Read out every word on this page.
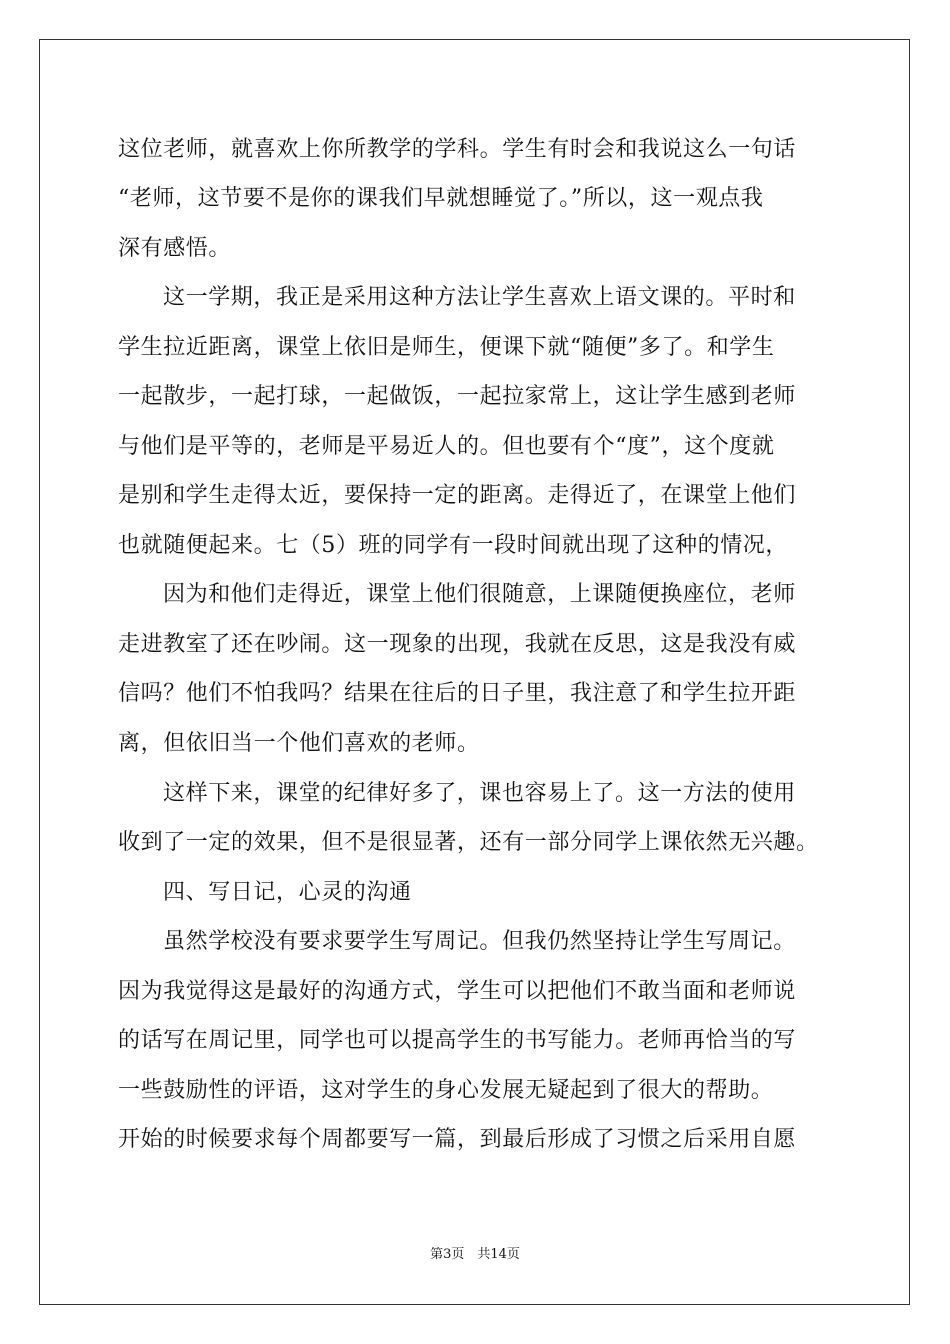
这位老师，就喜欢上你所教学的学科。学生有时会和我说这么一句话
“老师，这节要不是你的课我们早就想睡觉了。”所以，这一观点我
深有感悟。
这一学期，我正是采用这种方法让学生喜欢上语文课的。平时和
学生拉近距离，课堂上依旧是师生，便课下就“随便”多了。和学生
一起散步，一起打球，一起做饭，一起拉家常上，这让学生感到老师
与他们是平等的，老师是平易近人的。但也要有个“度”，这个度就
是别和学生走得太近，要保持一定的距离。走得近了，在课堂上他们
也就随便起来。七（5）班的同学有一段时间就出现了这种的情况，
因为和他们走得近，课堂上他们很随意，上课随便换座位，老师
走进教室了还在吵闹。这一现象的出现，我就在反思，这是我没有威
信吗？他们不怕我吗？结果在往后的日子里，我注意了和学生拉开距
离，但依旧当一个他们喜欢的老师。
这样下来，课堂的纪律好多了，课也容易上了。这一方法的使用
收到了一定的效果，但不是很显著，还有一部分同学上课依然无兴趣。
四、写日记，心灵的沟通
虽然学校没有要求要学生写周记。但我仍然坚持让学生写周记。
因为我觉得这是最好的沟通方式，学生可以把他们不敢当面和老师说
的话写在周记里，同学也可以提高学生的书写能力。老师再恰当的写
一些鼓励性的评语，这对学生的身心发展无疑起到了很大的帮助。
开始的时候要求每个周都要写一篇，到最后形成了习惯之后采用自愿
第3页　共14页
